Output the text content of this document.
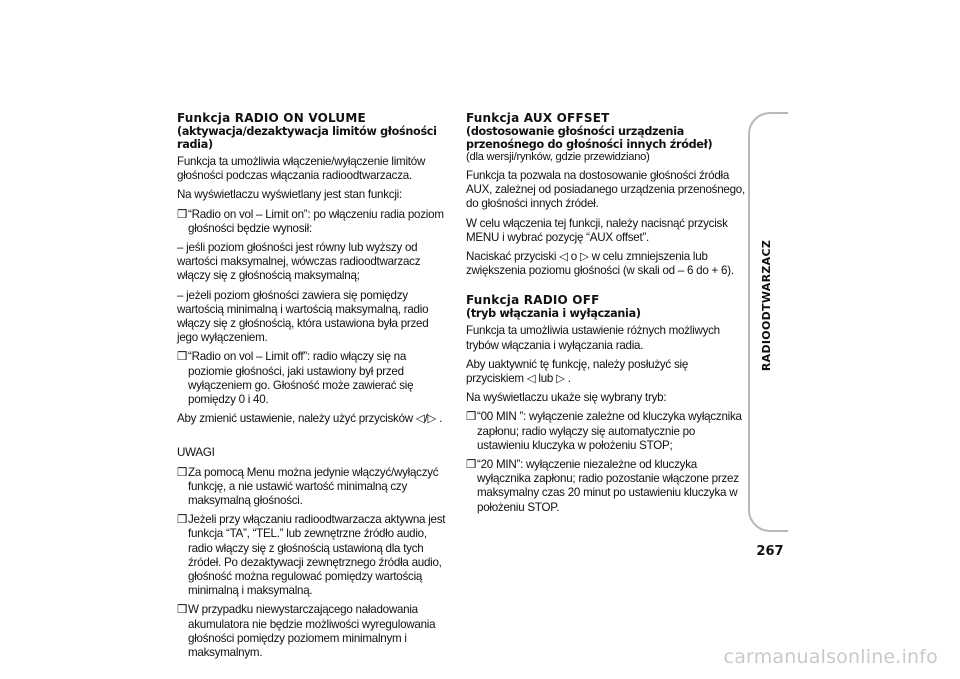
Funkcja RADIO ON VOLUME
(aktywacja/dezaktywacja limitów głośności radia)

Funkcja ta umożliwia włączenie/wyłączenie limitów głośności podczas włączania radioodtwarzacza.

Na wyświetlaczu wyświetlany jest stan funkcji:

❒ “Radio on vol – Limit on”: po włączeniu radia poziom głośności będzie wynosił:

– jeśli poziom głośności jest równy lub wyższy od wartości maksymalnej, wówczas radioodtwarzacz włączy się z głośnością maksymalną;

– jeżeli poziom głośności zawiera się pomiędzy wartością minimalną i wartością maksymalną, radio włączy się z głośnością, która ustawiona była przed jego wyłączeniem.

❒ “Radio on vol – Limit off”: radio włączy się na poziomie głośności, jaki ustawiony był przed wyłączeniem go. Głośność może zawierać się pomiędzy 0 i 40.

Aby zmienić ustawienie, należy użyć przycisków ◁/▷ .

UWAGI

❒ Za pomocą Menu można jedynie włączyć/wyłączyć funkcję, a nie ustawić wartość minimalną czy maksymalną głośności.
❒ Jeżeli przy włączaniu radioodtwarzacza aktywna jest funkcja “TA”, “TEL.” lub zewnętrzne źródło audio, radio włączy się z głośnością ustawioną dla tych źródeł. Po dezaktywacji zewnętrznego źródła audio, głośność można regulować pomiędzy wartością minimalną i maksymalną.
❒ W przypadku niewystarczającego naładowania akumulatora nie będzie możliwości wyregulowania głośności pomiędzy poziomem minimalnym i maksymalnym.
Funkcja AUX OFFSET
(dostosowanie głośności urządzenia przenośnego do głośności innych źródeł)
(dla wersji/rynków, gdzie przewidziano)

Funkcja ta pozwala na dostosowanie głośności źródła AUX, zależnej od posiadanego urządzenia przenośnego, do głośności innych źródeł.

W celu włączenia tej funkcji, należy nacisnąć przycisk MENU i wybrać pozycję “AUX offset”.

Naciskać przyciski ◁ o ▷ w celu zmniejszenia lub zwiększenia poziomu głośności (w skali od – 6 do + 6).

Funkcja RADIO OFF
(tryb włączania i wyłączania)

Funkcja ta umożliwia ustawienie różnych możliwych trybów włączania i wyłączania radia.

Aby uaktywnić tę funkcję, należy posłużyć się przyciskiem ◁ lub ▷ .

Na wyświetlaczu ukaże się wybrany tryb:

❒ “00 MIN ”: wyłączenie zależne od kluczyka wyłącznika zapłonu; radio wyłączy się automatycznie po ustawieniu kluczyka w położeniu STOP;
❒ “20 MIN”: wyłączenie niezależne od kluczyka wyłącznika zapłonu; radio pozostanie włączone przez maksymalny czas 20 minut po ustawieniu kluczyka w położeniu STOP.
RADIOODTWARZACZ
267
carmanualsonline.info
